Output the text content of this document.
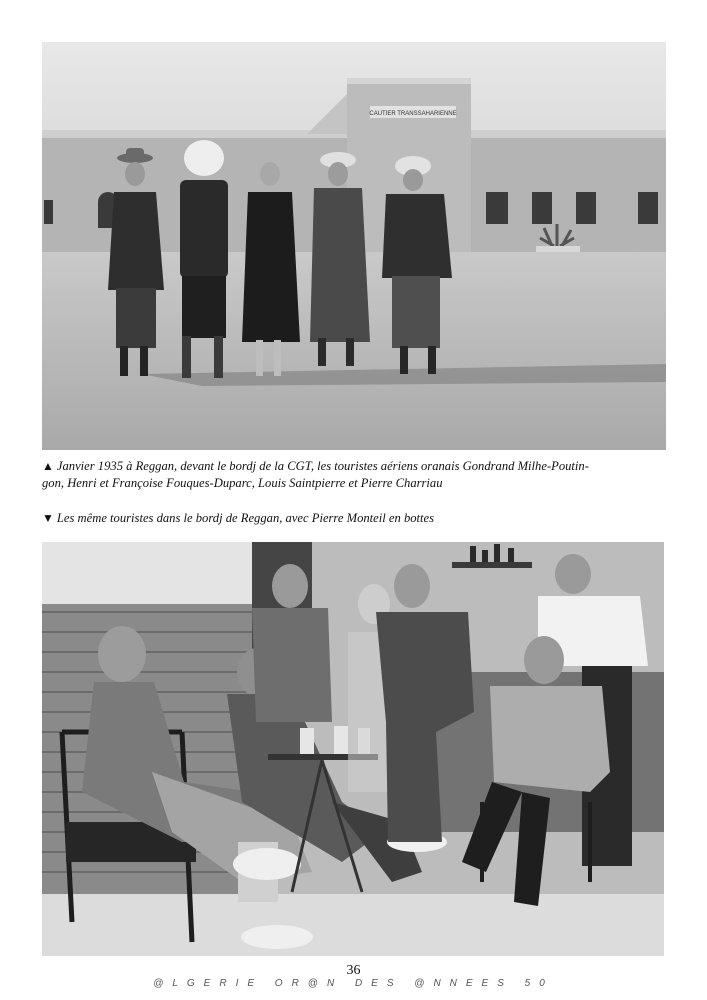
CAUTIER TRANSSAHARIENNE
▲ Janvier 1935 à Reggan, devant le bordj de la CGT, les touristes aériens oranais Gondrand Milhe-Poutin-
gon, Henri et Françoise Fouques-Duparc, Louis Saintpierre et Pierre Charriau
▼ Les même touristes dans le bordj de Reggan, avec Pierre Monteil en bottes
36
@LGERIE OR@N DES @NNEES 50
